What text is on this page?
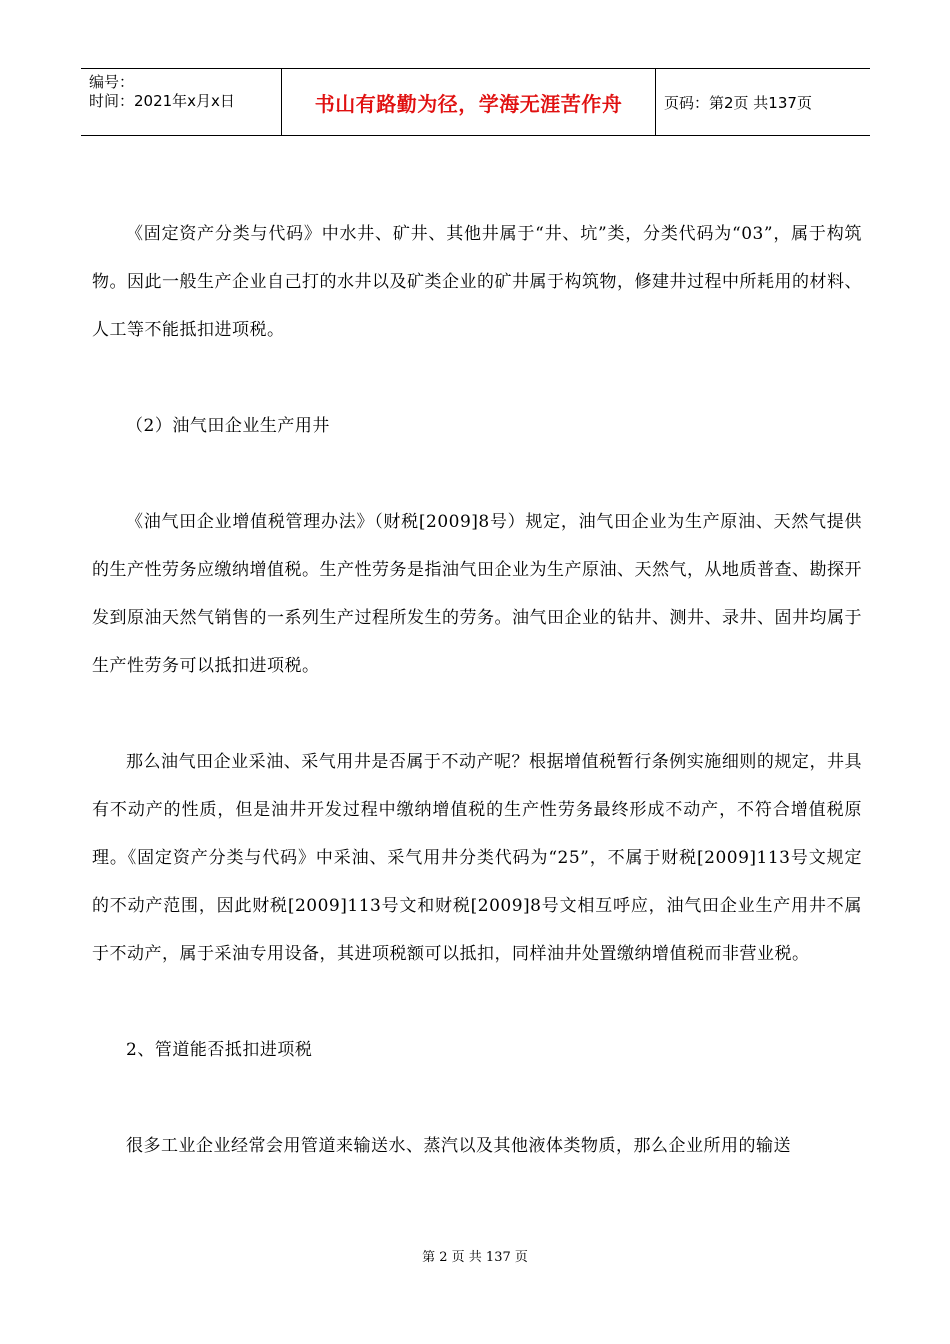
编号：
时间：2021年x月x日	书山有路勤为径，学海无涯苦作舟	页码：第2页 共137页

《固定资产分类与代码》中水井、矿井、其他井属于“井、坑”类，分类代码为“03”，属于构筑物。因此一般生产企业自己打的水井以及矿类企业的矿井属于构筑物，修建井过程中所耗用的材料、人工等不能抵扣进项税。

（2）油气田企业生产用井

《油气田企业增值税管理办法》（财税[2009]8号）规定，油气田企业为生产原油、天然气提供的生产性劳务应缴纳增值税。生产性劳务是指油气田企业为生产原油、天然气，从地质普查、勘探开发到原油天然气销售的一系列生产过程所发生的劳务。油气田企业的钻井、测井、录井、固井均属于生产性劳务可以抵扣进项税。

那么油气田企业采油、采气用井是否属于不动产呢？根据增值税暂行条例实施细则的规定，井具有不动产的性质，但是油井开发过程中缴纳增值税的生产性劳务最终形成不动产，不符合增值税原理。《固定资产分类与代码》中采油、采气用井分类代码为“25”，不属于财税[2009]113号文规定的不动产范围，因此财税[2009]113号文和财税[2009]8号文相互呼应，油气田企业生产用井不属于不动产，属于采油专用设备，其进项税额可以抵扣，同样油井处置缴纳增值税而非营业税。

2、管道能否抵扣进项税

很多工业企业经常会用管道来输送水、蒸汽以及其他液体类物质，那么企业所用的输送

第 2 页 共 137 页
